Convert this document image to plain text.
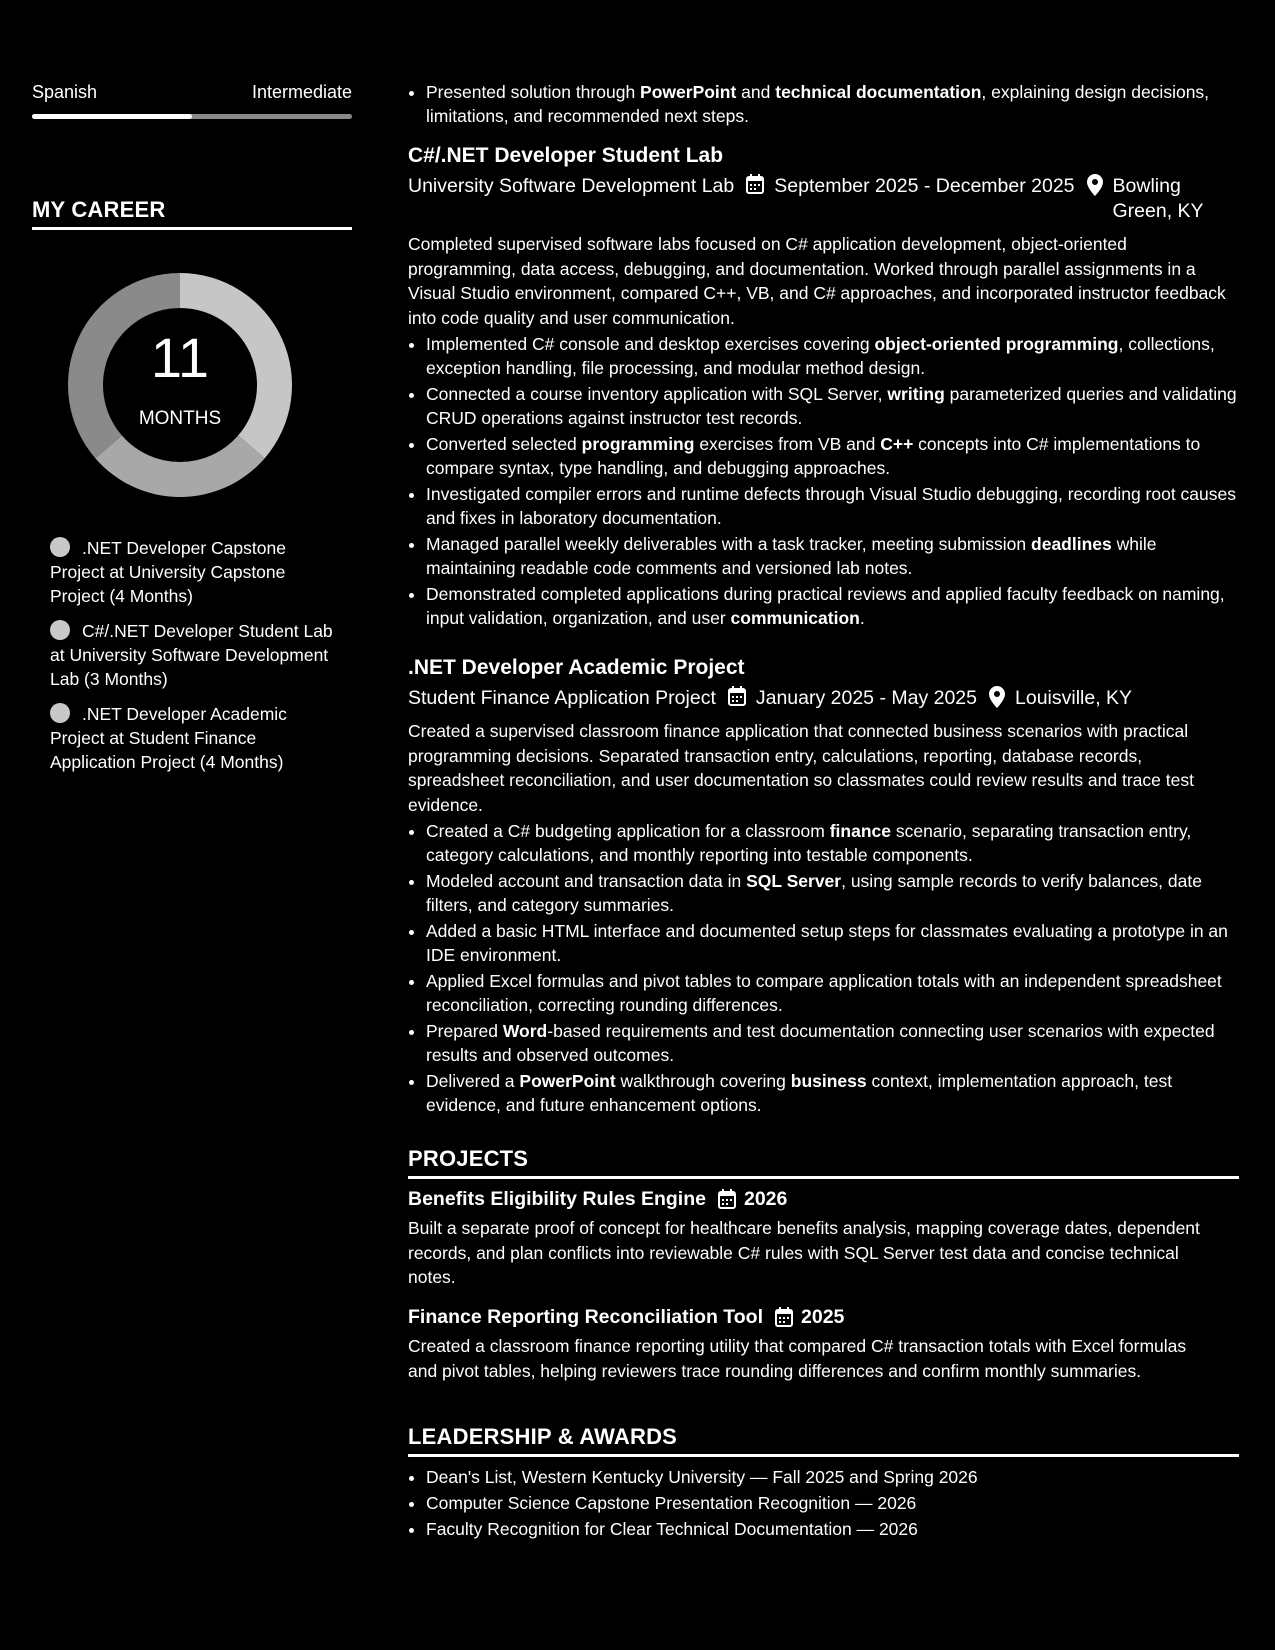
Spanish	Intermediate
MY CAREER
11
MONTHS
.NET Developer Capstone Project at University Capstone Project (4 Months)
C#/.NET Developer Student Lab at University Software Development Lab (3 Months)
.NET Developer Academic Project at Student Finance Application Project (4 Months)
• Presented solution through PowerPoint and technical documentation, explaining design decisions, limitations, and recommended next steps.
C#/.NET Developer Student Lab
University Software Development Lab September 2025 - December 2025 Bowling Green, KY
Completed supervised software labs focused on C# application development, object-oriented programming, data access, debugging, and documentation. Worked through parallel assignments in a Visual Studio environment, compared C++, VB, and C# approaches, and incorporated instructor feedback into code quality and user communication.
• Implemented C# console and desktop exercises covering object-oriented programming, collections, exception handling, file processing, and modular method design.
• Connected a course inventory application with SQL Server, writing parameterized queries and validating CRUD operations against instructor test records.
• Converted selected programming exercises from VB and C++ concepts into C# implementations to compare syntax, type handling, and debugging approaches.
• Investigated compiler errors and runtime defects through Visual Studio debugging, recording root causes and fixes in laboratory documentation.
• Managed parallel weekly deliverables with a task tracker, meeting submission deadlines while maintaining readable code comments and versioned lab notes.
• Demonstrated completed applications during practical reviews and applied faculty feedback on naming, input validation, organization, and user communication.
.NET Developer Academic Project
Student Finance Application Project January 2025 - May 2025 Louisville, KY
Created a supervised classroom finance application that connected business scenarios with practical programming decisions. Separated transaction entry, calculations, reporting, database records, spreadsheet reconciliation, and user documentation so classmates could review results and trace test evidence.
• Created a C# budgeting application for a classroom finance scenario, separating transaction entry, category calculations, and monthly reporting into testable components.
• Modeled account and transaction data in SQL Server, using sample records to verify balances, date filters, and category summaries.
• Added a basic HTML interface and documented setup steps for classmates evaluating a prototype in an IDE environment.
• Applied Excel formulas and pivot tables to compare application totals with an independent spreadsheet reconciliation, correcting rounding differences.
• Prepared Word-based requirements and test documentation connecting user scenarios with expected results and observed outcomes.
• Delivered a PowerPoint walkthrough covering business context, implementation approach, test evidence, and future enhancement options.
PROJECTS
Benefits Eligibility Rules Engine 2026
Built a separate proof of concept for healthcare benefits analysis, mapping coverage dates, dependent records, and plan conflicts into reviewable C# rules with SQL Server test data and concise technical notes.
Finance Reporting Reconciliation Tool 2025
Created a classroom finance reporting utility that compared C# transaction totals with Excel formulas and pivot tables, helping reviewers trace rounding differences and confirm monthly summaries.
LEADERSHIP & AWARDS
• Dean's List, Western Kentucky University — Fall 2025 and Spring 2026
• Computer Science Capstone Presentation Recognition — 2026
• Faculty Recognition for Clear Technical Documentation — 2026
